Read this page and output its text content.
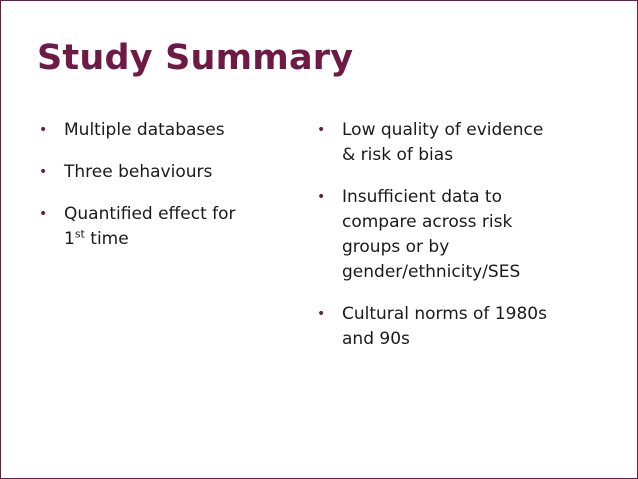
Study Summary
• Multiple databases
• Three behaviours
• Quantified effect for
1st time
• Low quality of evidence
& risk of bias
• Insufficient data to
compare across risk
groups or by
gender/ethnicity/SES
• Cultural norms of 1980s
and 90s
